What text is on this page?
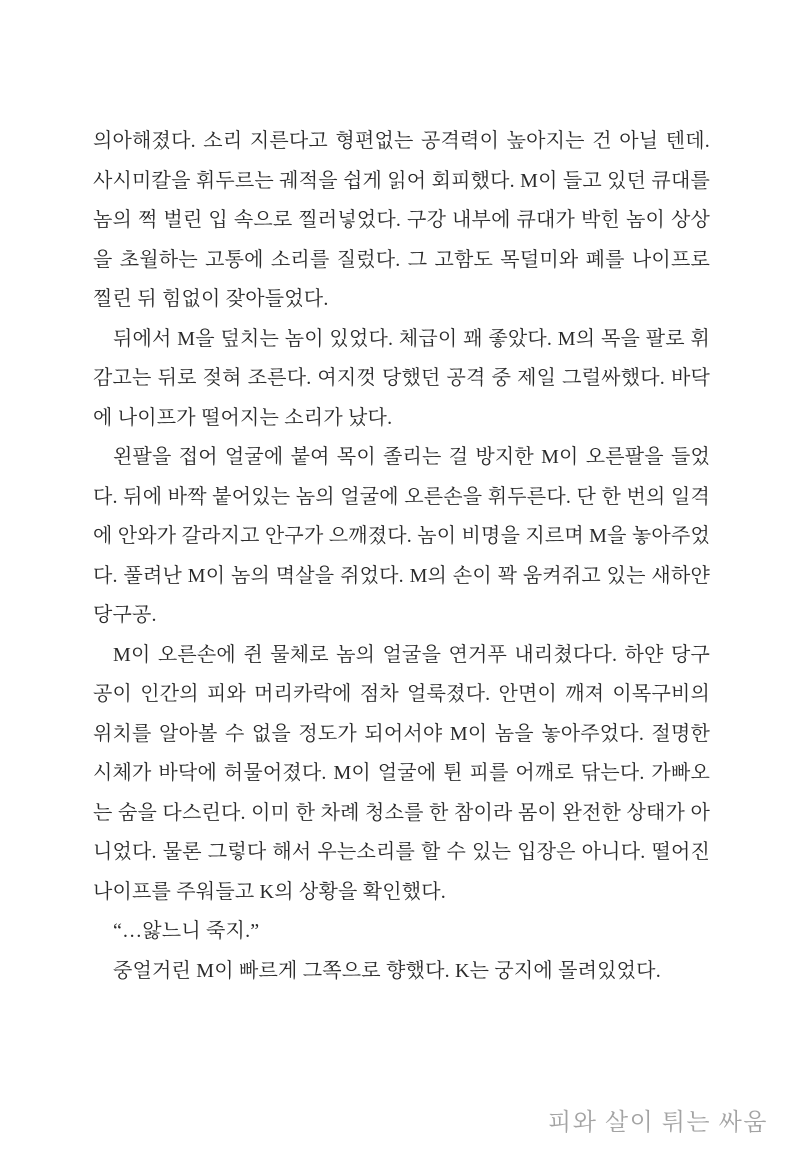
의아해졌다. 소리 지른다고 형편없는 공격력이 높아지는 건 아닐 텐데. 사시미칼을 휘두르는 궤적을 쉽게 읽어 회피했다. M이 들고 있던 큐대를 놈의 쩍 벌린 입 속으로 찔러넣었다. 구강 내부에 큐대가 박힌 놈이 상상을 초월하는 고통에 소리를 질렀다. 그 고함도 목덜미와 폐를 나이프로 찔린 뒤 힘없이 잦아들었다.

뒤에서 M을 덮치는 놈이 있었다. 체급이 꽤 좋았다. M의 목을 팔로 휘감고는 뒤로 젖혀 조른다. 여지껏 당했던 공격 중 제일 그럴싸했다. 바닥에 나이프가 떨어지는 소리가 났다.

왼팔을 접어 얼굴에 붙여 목이 졸리는 걸 방지한 M이 오른팔을 들었다. 뒤에 바짝 붙어있는 놈의 얼굴에 오른손을 휘두른다. 단 한 번의 일격에 안와가 갈라지고 안구가 으깨졌다. 놈이 비명을 지르며 M을 놓아주었다. 풀려난 M이 놈의 멱살을 쥐었다. M의 손이 꽉 움켜쥐고 있는 새하얀 당구공.

M이 오른손에 쥔 물체로 놈의 얼굴을 연거푸 내리쳤다다. 하얀 당구공이 인간의 피와 머리카락에 점차 얼룩졌다. 안면이 깨져 이목구비의 위치를 알아볼 수 없을 정도가 되어서야 M이 놈을 놓아주었다. 절명한 시체가 바닥에 허물어졌다. M이 얼굴에 튄 피를 어깨로 닦는다. 가빠오는 숨을 다스린다. 이미 한 차례 청소를 한 참이라 몸이 완전한 상태가 아니었다. 물론 그렇다 해서 우는소리를 할 수 있는 입장은 아니다. 떨어진 나이프를 주워들고 K의 상황을 확인했다.

“…앓느니 죽지.”

중얼거린 M이 빠르게 그쪽으로 향했다. K는 궁지에 몰려있었다.

피와 살이 튀는 싸움
